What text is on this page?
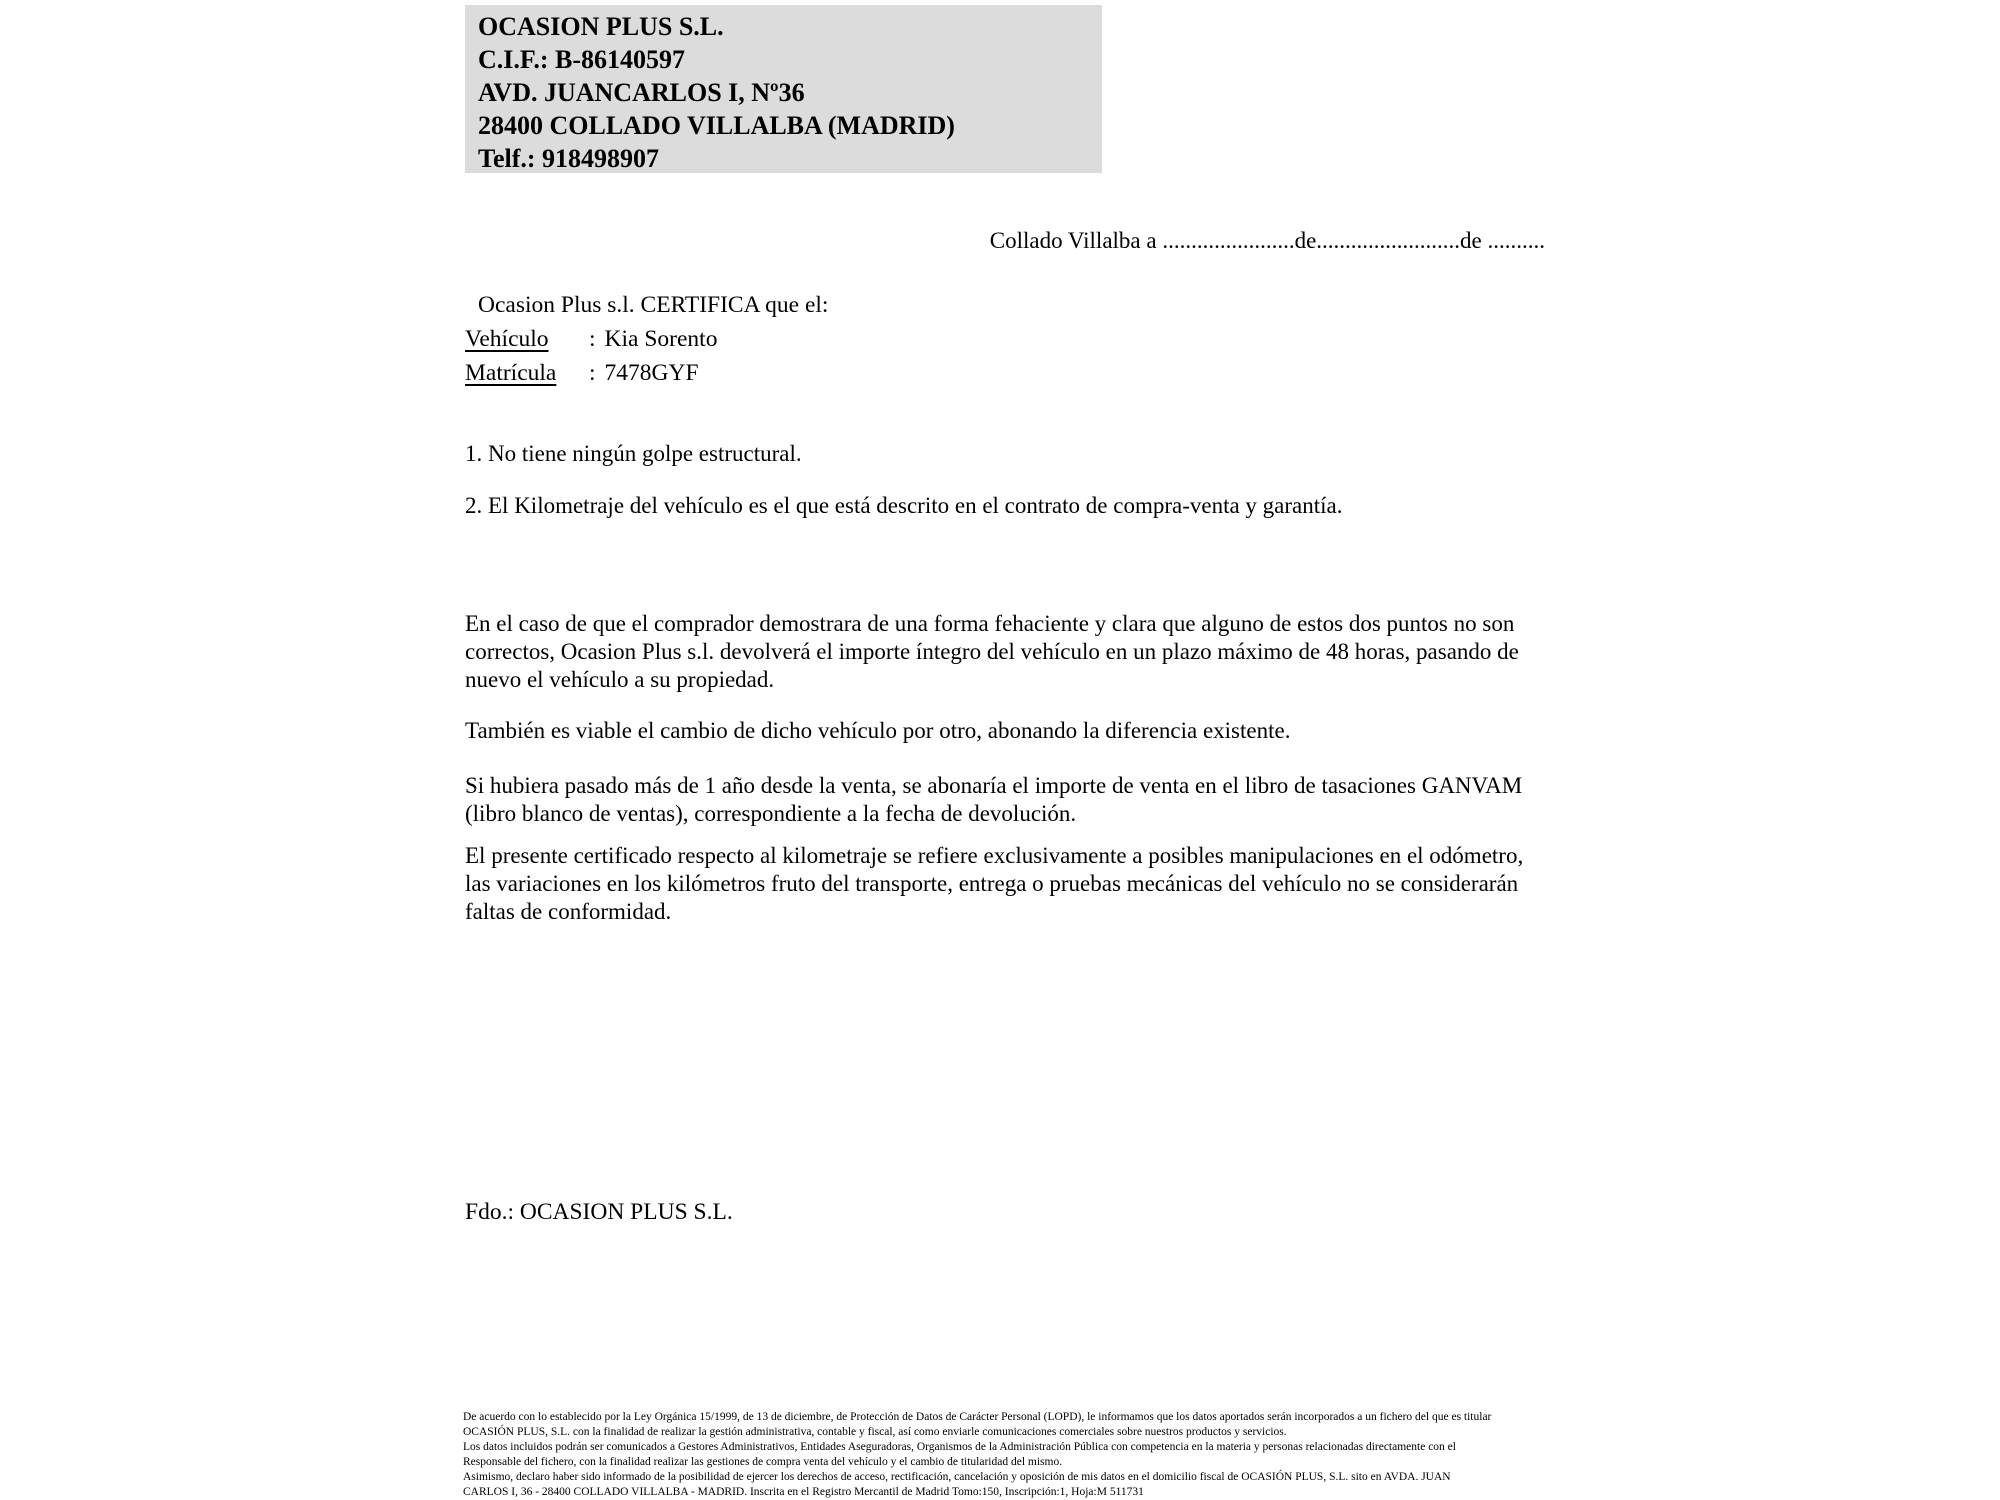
OCASION PLUS S.L.
C.I.F.: B-86140597
AVD. JUANCARLOS I, Nº36
28400 COLLADO VILLALBA (MADRID)
Telf.: 918498907
Collado Villalba a .......................de.........................de ..........
Ocasion Plus s.l. CERTIFICA que el:
Vehículo : Kia Sorento
Matrícula : 7478GYF
1. No tiene ningún golpe estructural.
2. El Kilometraje del vehículo es el que está descrito en el contrato de compra-venta y garantía.
En el caso de que el comprador demostrara de una forma fehaciente y clara que alguno de estos dos puntos no son correctos, Ocasion Plus s.l. devolverá el importe íntegro del vehículo en un plazo máximo de 48 horas, pasando de nuevo el vehículo a su propiedad.
También es viable el cambio de dicho vehículo por otro, abonando la diferencia existente.
Si hubiera pasado más de 1 año desde la venta, se abonaría el importe de venta en el libro de tasaciones GANVAM (libro blanco de ventas), correspondiente a la fecha de devolución.
El presente certificado respecto al kilometraje se refiere exclusivamente a posibles manipulaciones en el odómetro, las variaciones en los kilómetros fruto del transporte, entrega o pruebas mecánicas del vehículo no se considerarán faltas de conformidad.
Fdo.: OCASION PLUS S.L.
De acuerdo con lo establecido por la Ley Orgánica 15/1999, de 13 de diciembre, de Protección de Datos de Carácter Personal (LOPD), le informamos que los datos aportados serán incorporados a un fichero del que es titular
OCASIÓN PLUS, S.L. con la finalidad de realizar la gestión administrativa, contable y fiscal, así como enviarle comunicaciones comerciales sobre nuestros productos y servicios.
Los datos incluidos podrán ser comunicados a Gestores Administrativos, Entidades Aseguradoras, Organismos de la Administración Pública con competencia en la materia y personas relacionadas directamente con el
Responsable del fichero, con la finalidad realizar las gestiones de compra venta del vehículo y el cambio de titularidad del mismo.
Asimismo, declaro haber sido informado de la posibilidad de ejercer los derechos de acceso, rectificación, cancelación y oposición de mis datos en el domicilio fiscal de OCASIÓN PLUS, S.L. sito en AVDA. JUAN
CARLOS I, 36 - 28400 COLLADO VILLALBA - MADRID. Inscrita en el Registro Mercantil de Madrid Tomo:150, Inscripción:1, Hoja:M 511731
